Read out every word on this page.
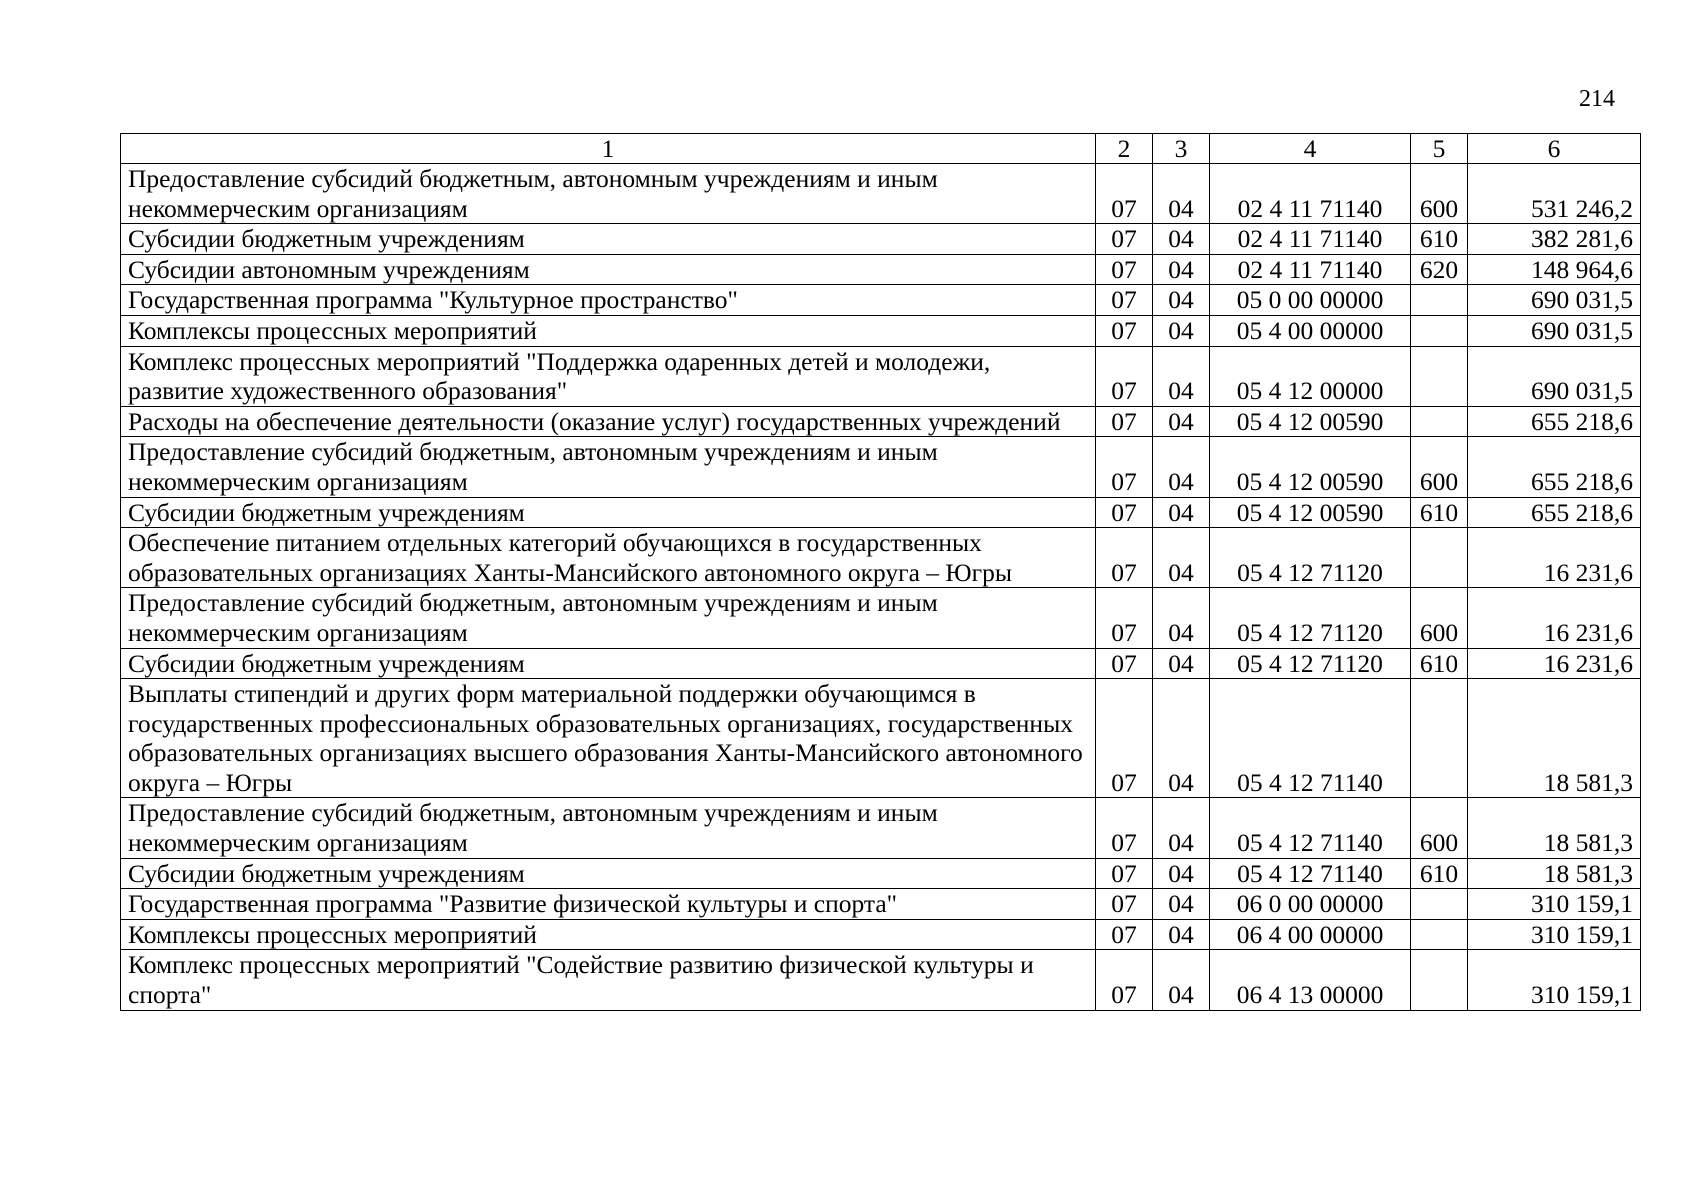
214
1	2	3	4	5	6
Предоставление субсидий бюджетным, автономным учреждениям и иным некоммерческим организациям	07	04	02 4 11 71140	600	531 246,2
Субсидии бюджетным учреждениям	07	04	02 4 11 71140	610	382 281,6
Субсидии автономным учреждениям	07	04	02 4 11 71140	620	148 964,6
Государственная программа "Культурное пространство"	07	04	05 0 00 00000		690 031,5
Комплексы процессных мероприятий	07	04	05 4 00 00000		690 031,5
Комплекс процессных мероприятий "Поддержка одаренных детей и молодежи, развитие художественного образования"	07	04	05 4 12 00000		690 031,5
Расходы на обеспечение деятельности (оказание услуг) государственных учреждений	07	04	05 4 12 00590		655 218,6
Предоставление субсидий бюджетным, автономным учреждениям и иным некоммерческим организациям	07	04	05 4 12 00590	600	655 218,6
Субсидии бюджетным учреждениям	07	04	05 4 12 00590	610	655 218,6
Обеспечение питанием отдельных категорий обучающихся в государственных образовательных организациях Ханты-Мансийского автономного округа – Югры	07	04	05 4 12 71120		16 231,6
Предоставление субсидий бюджетным, автономным учреждениям и иным некоммерческим организациям	07	04	05 4 12 71120	600	16 231,6
Субсидии бюджетным учреждениям	07	04	05 4 12 71120	610	16 231,6
Выплаты стипендий и других форм материальной поддержки обучающимся в государственных профессиональных образовательных организациях, государственных образовательных организациях высшего образования Ханты-Мансийского автономного округа – Югры	07	04	05 4 12 71140		18 581,3
Предоставление субсидий бюджетным, автономным учреждениям и иным некоммерческим организациям	07	04	05 4 12 71140	600	18 581,3
Субсидии бюджетным учреждениям	07	04	05 4 12 71140	610	18 581,3
Государственная программа "Развитие физической культуры и спорта"	07	04	06 0 00 00000		310 159,1
Комплексы процессных мероприятий	07	04	06 4 00 00000		310 159,1
Комплекс процессных мероприятий "Содействие развитию физической культуры и спорта"	07	04	06 4 13 00000		310 159,1
